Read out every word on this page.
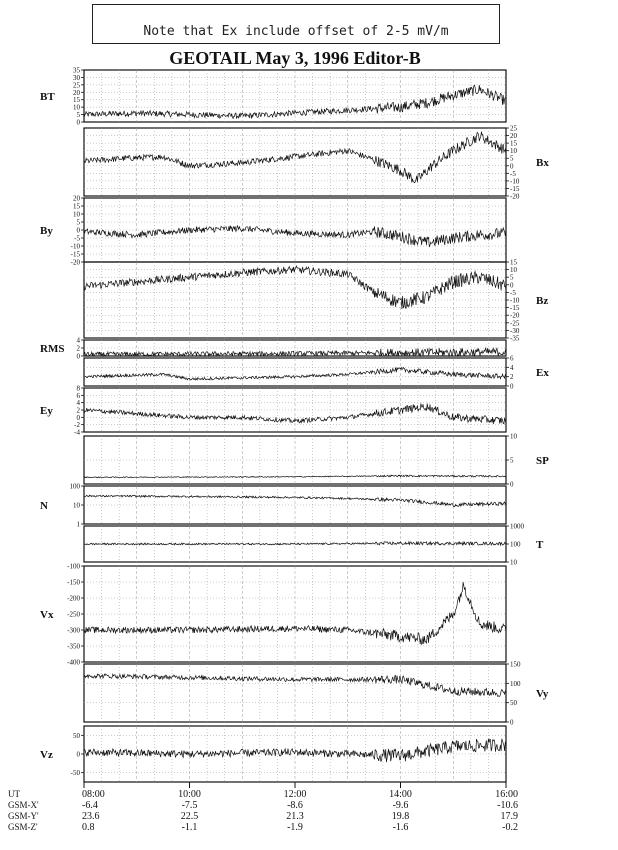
Note that Ex include offset of 2-5 mV/m
GEOTAIL May 3, 1996 Editor-B
35
30
25
20
15
10
5
0
BT
25
20
15
10
5
0
-5
-10
-15
-20
Bx
20
15
10
5
0
-5
-10
-15
-20
By
15
10
5
0
-5
-10
-15
-20
-25
-30
-35
Bz
4
2
0
RMS
6
4
2
0
Ex
8
6
4
2
0
-2
-4
Ey
10
5
0
SP
100
10
1
N
1000
100
10
T
-100
-150
-200
-250
-300
-350
-400
Vx
150
100
50
0
Vy
50
0
-50
Vz
UT	08:00	10:00	12:00	14:00	16:00
GSM-X'	-6.4	-7.5	-8.6	-9.6	-10.6
GSM-Y'	23.6	22.5	21.3	19.8	17.9
GSM-Z'	0.8	-1.1	-1.9	-1.6	-0.2
